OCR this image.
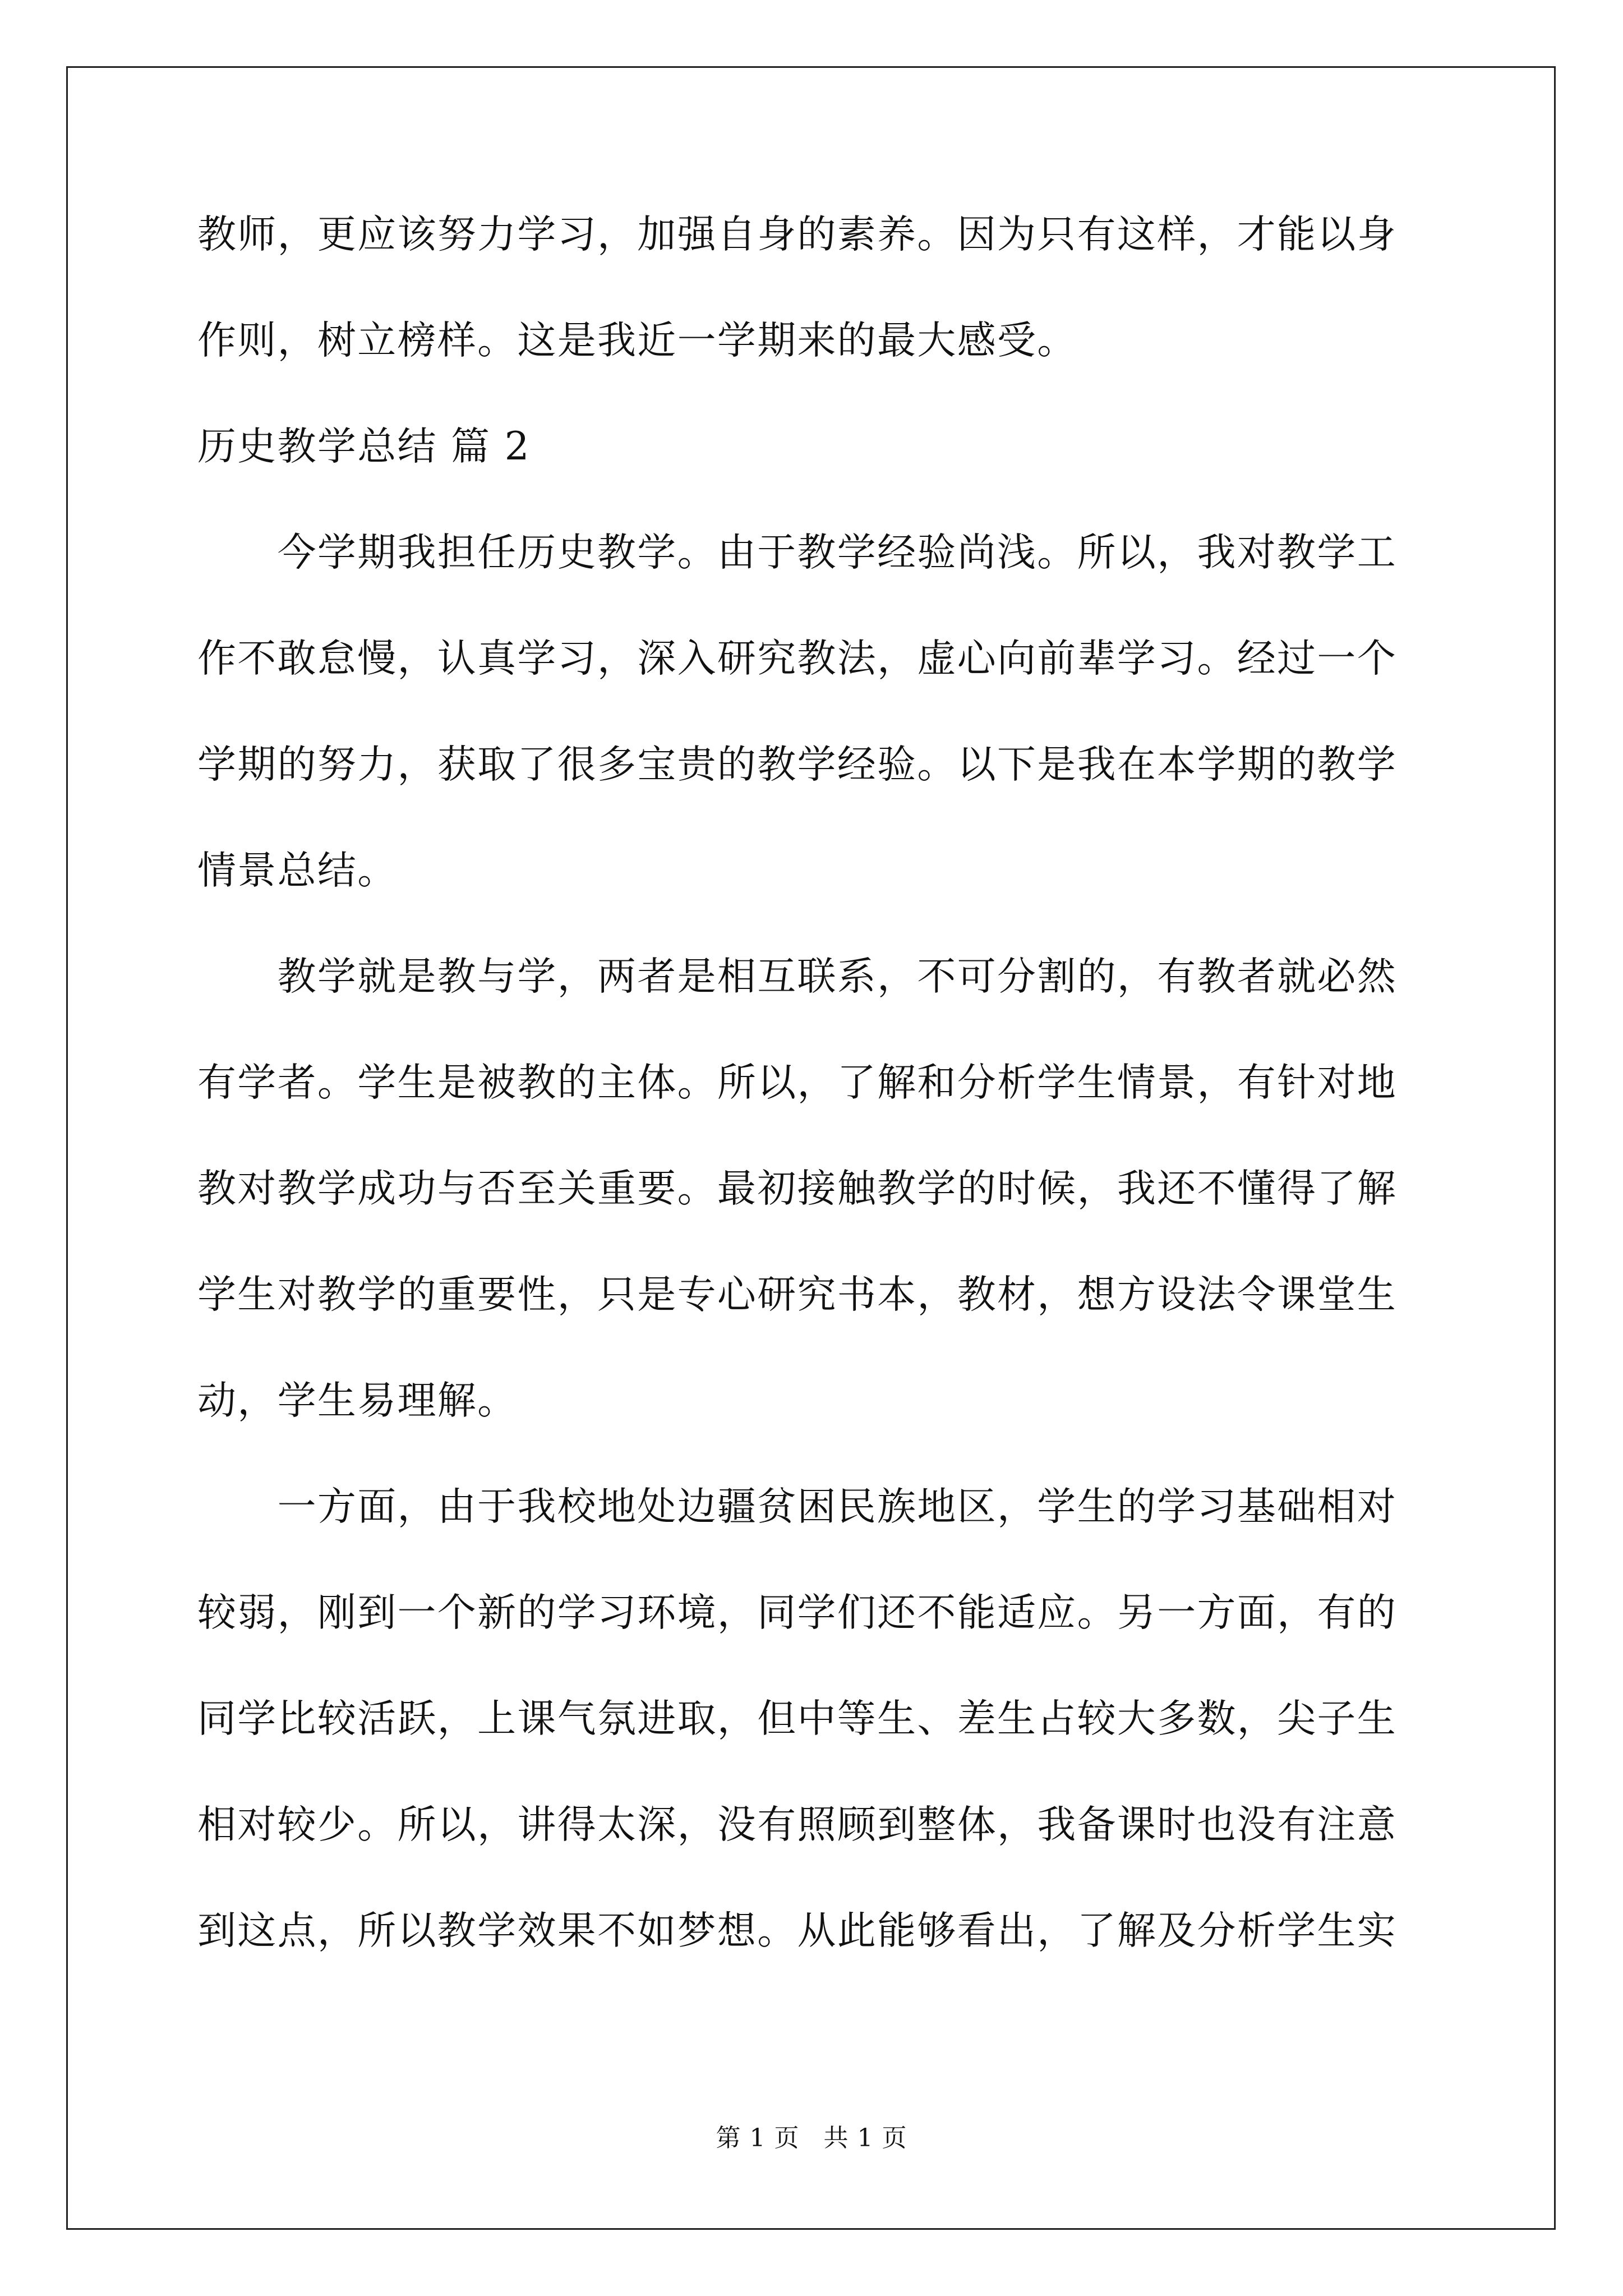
教师，更应该努力学习，加强自身的素养。因为只有这样，才能以身
作则，树立榜样。这是我近一学期来的最大感受。
历史教学总结 篇 2
　　今学期我担任历史教学。由于教学经验尚浅。所以，我对教学工
作不敢怠慢，认真学习，深入研究教法，虚心向前辈学习。经过一个
学期的努力，获取了很多宝贵的教学经验。以下是我在本学期的教学
情景总结。
　　教学就是教与学，两者是相互联系，不可分割的，有教者就必然
有学者。学生是被教的主体。所以，了解和分析学生情景，有针对地
教对教学成功与否至关重要。最初接触教学的时候，我还不懂得了解
学生对教学的重要性，只是专心研究书本，教材，想方设法令课堂生
动，学生易理解。
　　一方面，由于我校地处边疆贫困民族地区，学生的学习基础相对
较弱，刚到一个新的学习环境，同学们还不能适应。另一方面，有的
同学比较活跃，上课气氛进取，但中等生、差生占较大多数，尖子生
相对较少。所以，讲得太深，没有照顾到整体，我备课时也没有注意
到这点，所以教学效果不如梦想。从此能够看出，了解及分析学生实
第 1 页 共 1 页
